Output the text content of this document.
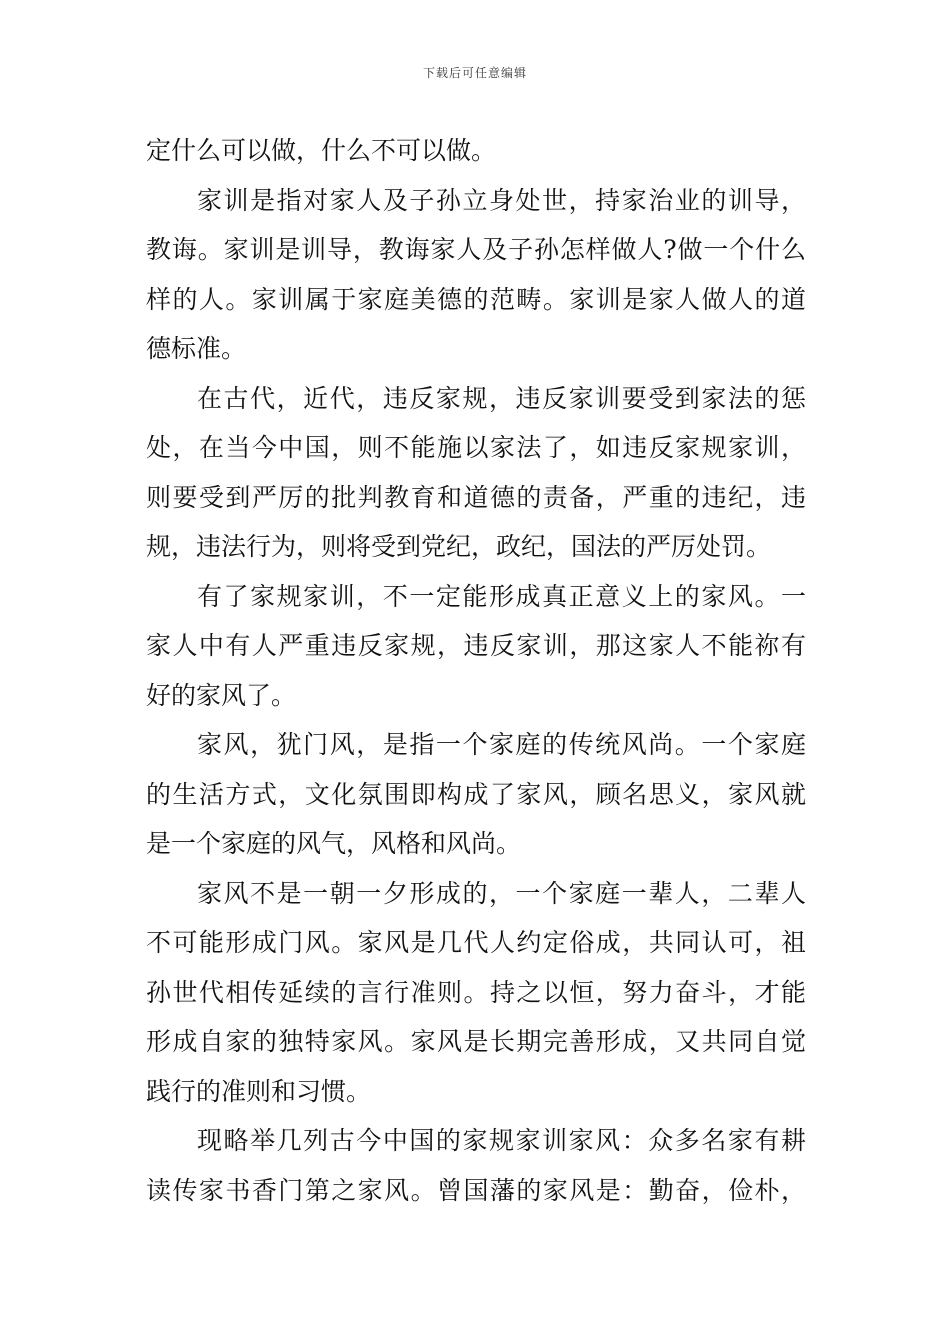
下载后可任意编辑
定什么可以做，什么不可以做。
家训是指对家人及子孙立身处世，持家治业的训导，
教诲。家训是训导，教诲家人及子孙怎样做人?做一个什么
样的人。家训属于家庭美德的范畴。家训是家人做人的道
德标准。
在古代，近代，违反家规，违反家训要受到家法的惩
处，在当今中国，则不能施以家法了，如违反家规家训，
则要受到严厉的批判教育和道德的责备，严重的违纪，违
规，违法行为，则将受到党纪，政纪，国法的严厉处罚。
有了家规家训，不一定能形成真正意义上的家风。一
家人中有人严重违反家规，违反家训，那这家人不能祢有
好的家风了。
家风，犹门风，是指一个家庭的传统风尚。一个家庭
的生活方式，文化氛围即构成了家风，顾名思义，家风就
是一个家庭的风气，风格和风尚。
家风不是一朝一夕形成的，一个家庭一辈人，二辈人
不可能形成门风。家风是几代人约定俗成，共同认可，祖
孙世代相传延续的言行准则。持之以恒，努力奋斗，才能
形成自家的独特家风。家风是长期完善形成，又共同自觉
践行的准则和习惯。
现略举几列古今中国的家规家训家风：众多名家有耕
读传家书香门第之家风。曾国藩的家风是：勤奋，俭朴，
